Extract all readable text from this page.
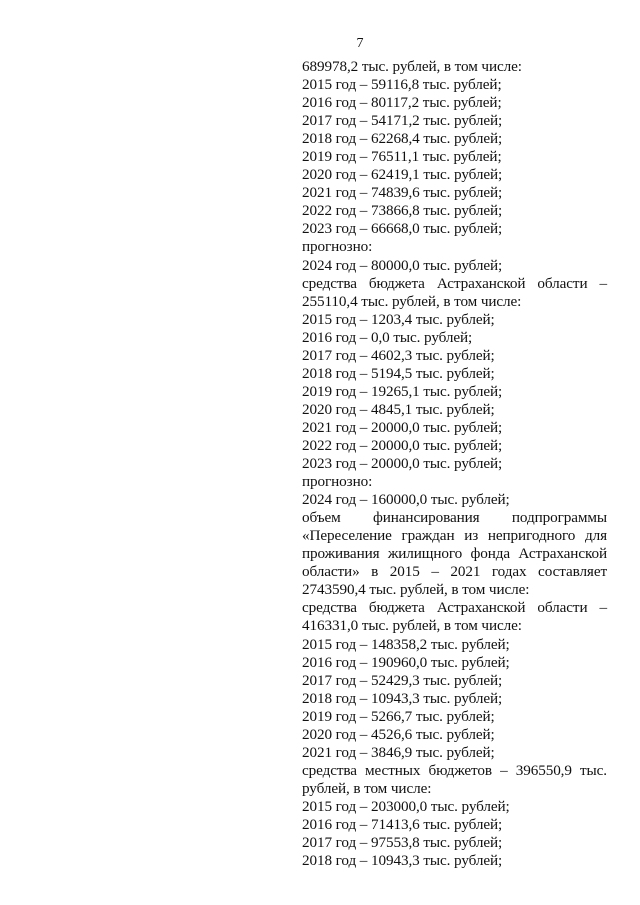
7
689978,2 тыс. рублей, в том числе:
2015 год – 59116,8 тыс. рублей;
2016 год – 80117,2 тыс. рублей;
2017 год – 54171,2 тыс. рублей;
2018 год – 62268,4 тыс. рублей;
2019 год – 76511,1 тыс. рублей;
2020 год – 62419,1 тыс. рублей;
2021 год – 74839,6 тыс. рублей;
2022 год – 73866,8 тыс. рублей;
2023 год – 66668,0 тыс. рублей;
прогнозно:
2024 год – 80000,0 тыс. рублей;
средства бюджета Астраханской области –
255110,4 тыс. рублей, в том числе:
2015 год – 1203,4 тыс. рублей;
2016 год – 0,0 тыс. рублей;
2017 год – 4602,3 тыс. рублей;
2018 год – 5194,5 тыс. рублей;
2019 год – 19265,1 тыс. рублей;
2020 год – 4845,1 тыс. рублей;
2021 год – 20000,0 тыс. рублей;
2022 год – 20000,0 тыс. рублей;
2023 год – 20000,0 тыс. рублей;
прогнозно:
2024 год – 160000,0 тыс. рублей;
объем финансирования подпрограммы
«Переселение граждан из непригодного для
проживания жилищного фонда Астраханской
области» в 2015 – 2021 годах составляет
2743590,4 тыс. рублей, в том числе:
средства бюджета Астраханской области –
416331,0 тыс. рублей, в том числе:
2015 год – 148358,2 тыс. рублей;
2016 год – 190960,0 тыс. рублей;
2017 год – 52429,3 тыс. рублей;
2018 год – 10943,3 тыс. рублей;
2019 год – 5266,7 тыс. рублей;
2020 год – 4526,6 тыс. рублей;
2021 год – 3846,9 тыс. рублей;
средства местных бюджетов – 396550,9 тыс.
рублей, в том числе:
2015 год – 203000,0 тыс. рублей;
2016 год – 71413,6 тыс. рублей;
2017 год – 97553,8 тыс. рублей;
2018 год – 10943,3 тыс. рублей;
